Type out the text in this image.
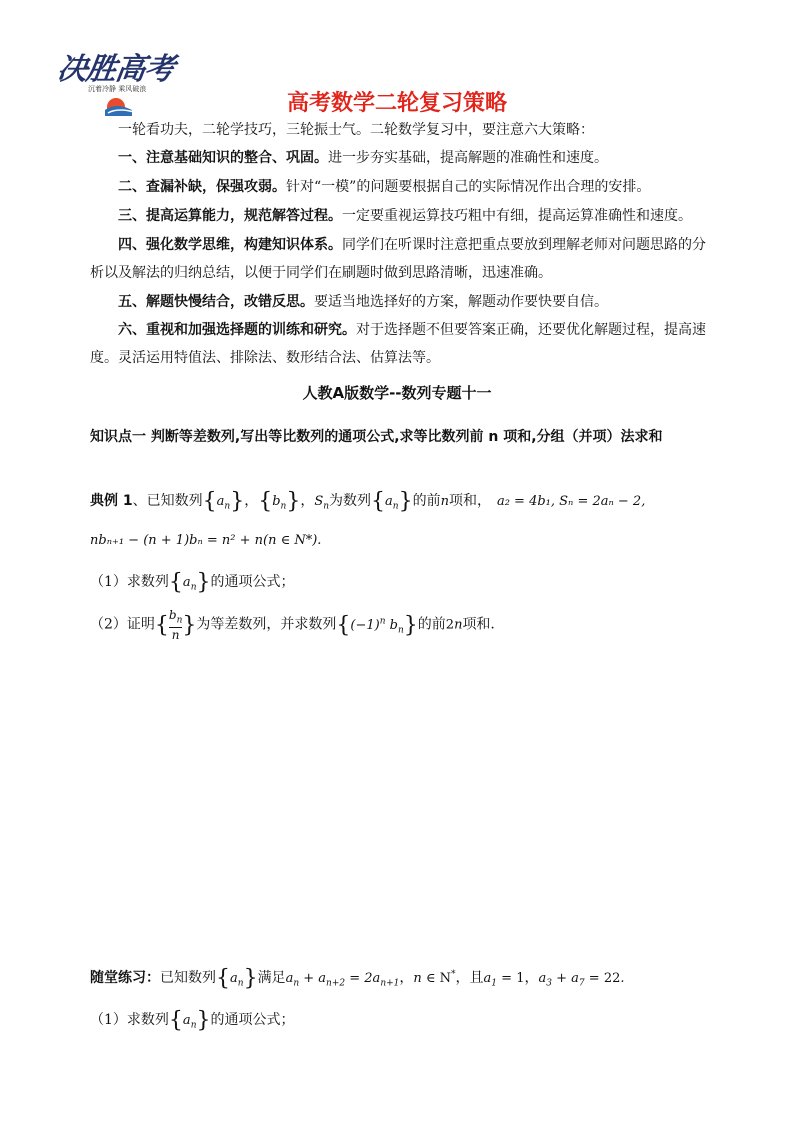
决胜高考
沉着冷静 乘风破浪
高考数学二轮复习策略
一轮看功夫，二轮学技巧，三轮振士气。二轮数学复习中，要注意六大策略：
一、注意基础知识的整合、巩固。进一步夯实基础，提高解题的准确性和速度。
二、查漏补缺，保强攻弱。针对“一模”的问题要根据自己的实际情况作出合理的安排。
三、提高运算能力，规范解答过程。一定要重视运算技巧粗中有细，提高运算准确性和速度。
四、强化数学思维，构建知识体系。同学们在听课时注意把重点要放到理解老师对问题思路的分析以及解法的归纳总结，以便于同学们在刷题时做到思路清晰，迅速准确。
五、解题快慢结合，改错反思。要适当地选择好的方案，解题动作要快要自信。
六、重视和加强选择题的训练和研究。对于选择题不但要答案正确，还要优化解题过程，提高速度。灵活运用特值法、排除法、数形结合法、估算法等。
人教A版数学--数列专题十一
知识点一 判断等差数列,写出等比数列的通项公式,求等比数列前 n 项和,分组（并项）法求和
典例 1、已知数列$\{a_n\}$，$\{b_n\}$，$S_n$为数列$\{a_n\}$的前n项和， a₂ = 4b₁, Sₙ = 2aₙ − 2,
nbₙ₊₁ − (n + 1)bₙ = n² + n(n ∈ N*).
（1）求数列$\{a_n\}$的通项公式；
（2）证明{ $\frac{b_n}{n}$ }为等差数列，并求数列{$(-1)^n$ $b_n$}的前2n项和.
随堂练习：已知数列$\{a_n\}$满足$a_n + a_{n+2} = 2a_{n+1}$，n ∈ N*，且$a_1 = 1$，$a_3 + a_7 = 22$.
（1）求数列$\{a_n\}$的通项公式；
